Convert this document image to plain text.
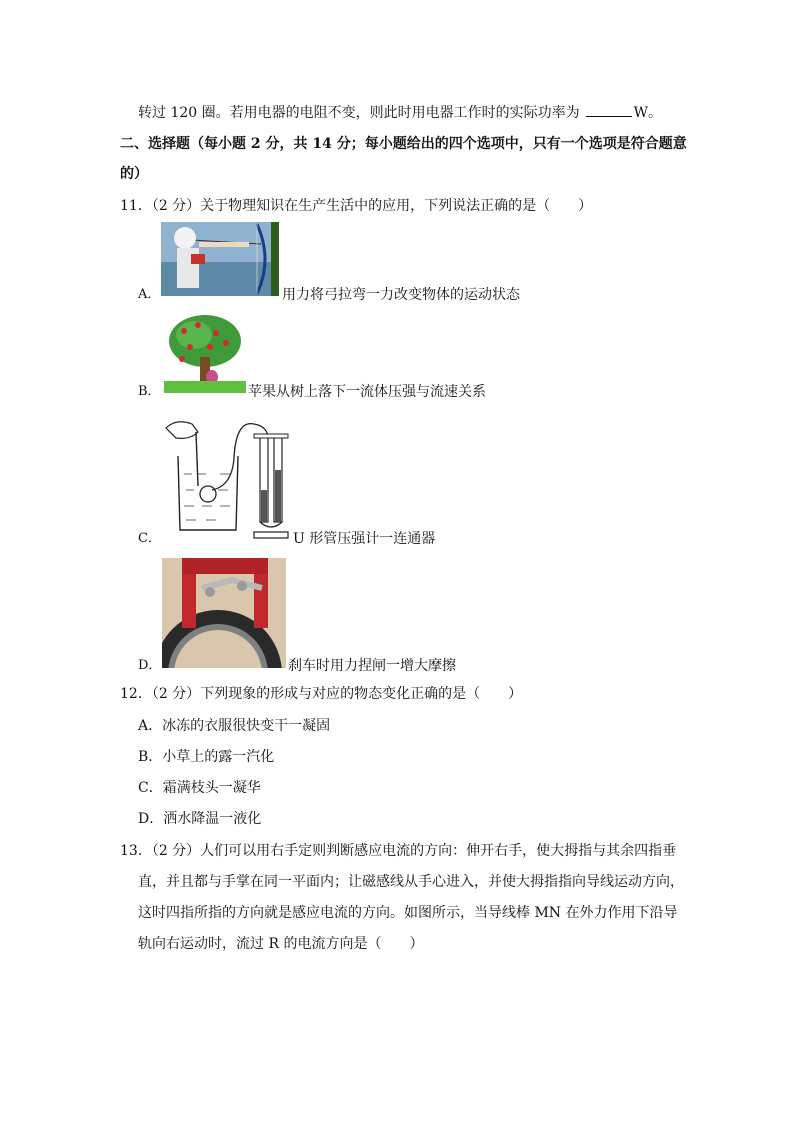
转过 120 圈。若用电器的电阻不变，则此时用电器工作时的实际功率为	W。
二、选择题（每小题 2 分，共 14 分；每小题给出的四个选项中，只有一个选项是符合题意
的）
11．（2 分）关于物理知识在生产生活中的应用，下列说法正确的是（　　）
A．	用力将弓拉弯一力改变物体的运动状态
B．	苹果从树上落下一流体压强与流速关系
C．	U 形管压强计一连通器
D．	刹车时用力捏闸一增大摩擦
12．（2 分）下列现象的形成与对应的物态变化正确的是（　　）
A．冰冻的衣服很快变干一凝固
B．小草上的露一汽化
C．霜满枝头一凝华
D．洒水降温一液化
13．（2 分）人们可以用右手定则判断感应电流的方向：伸开右手，使大拇指与其余四指垂
直，并且都与手掌在同一平面内；让磁感线从手心进入，并使大拇指指向导线运动方向，
这时四指所指的方向就是感应电流的方向。如图所示，当导线棒 MN 在外力作用下沿导
轨向右运动时，流过 R 的电流方向是（　　）
